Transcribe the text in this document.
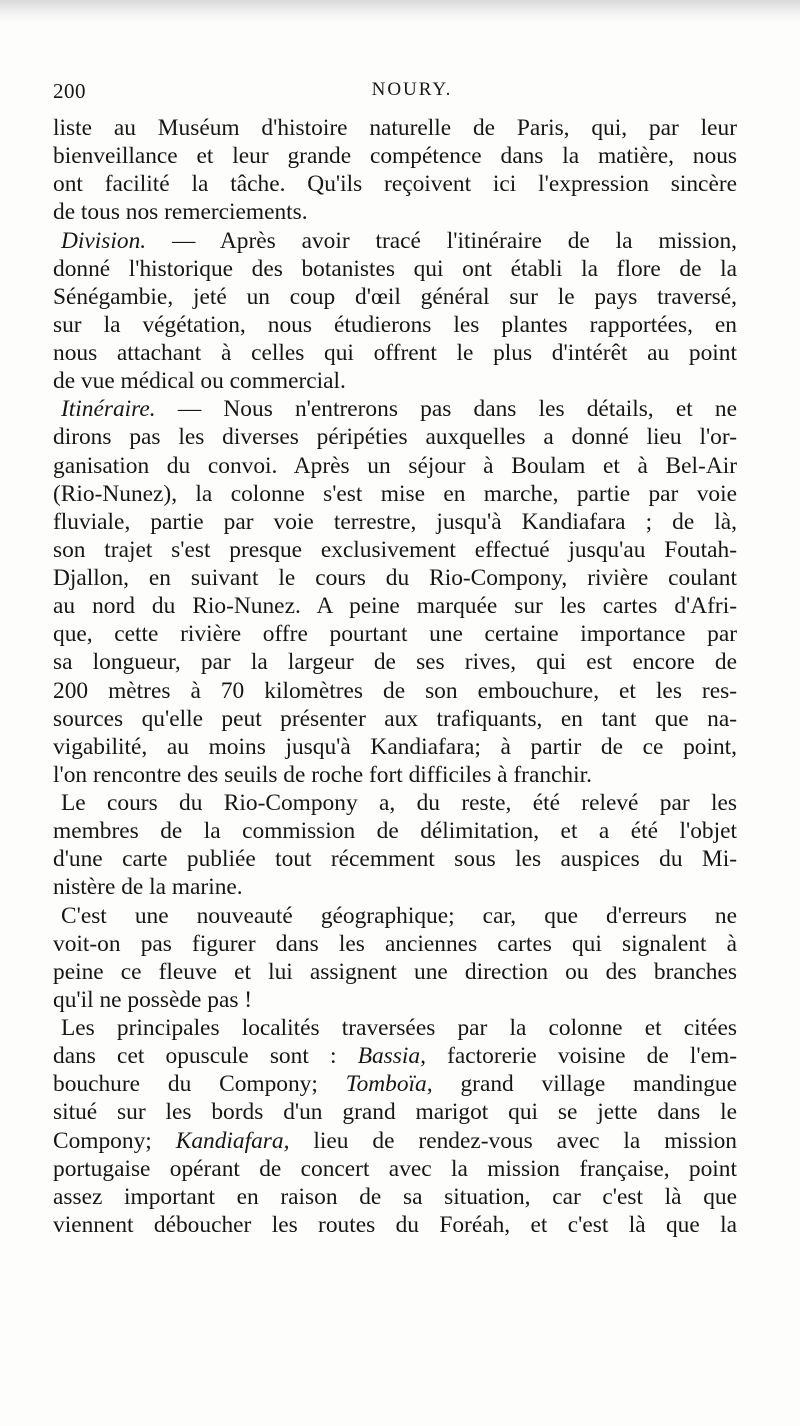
200	NOURY.
liste au Muséum d'histoire naturelle de Paris, qui, par leur
bienveillance et leur grande compétence dans la matière, nous
ont facilité la tâche. Qu'ils reçoivent ici l'expression sincère
de tous nos remerciements.
Division. — Après avoir tracé l'itinéraire de la mission,
donné l'historique des botanistes qui ont établi la flore de la
Sénégambie, jeté un coup d'œil général sur le pays traversé,
sur la végétation, nous étudierons les plantes rapportées, en
nous attachant à celles qui offrent le plus d'intérêt au point
de vue médical ou commercial.
Itinéraire. — Nous n'entrerons pas dans les détails, et ne
dirons pas les diverses péripéties auxquelles a donné lieu l'or-
ganisation du convoi. Après un séjour à Boulam et à Bel-Air
(Rio-Nunez), la colonne s'est mise en marche, partie par voie
fluviale, partie par voie terrestre, jusqu'à Kandiafara ; de là,
son trajet s'est presque exclusivement effectué jusqu'au Foutah-
Djallon, en suivant le cours du Rio-Compony, rivière coulant
au nord du Rio-Nunez. A peine marquée sur les cartes d'Afri-
que, cette rivière offre pourtant une certaine importance par
sa longueur, par la largeur de ses rives, qui est encore de
200 mètres à 70 kilomètres de son embouchure, et les res-
sources qu'elle peut présenter aux trafiquants, en tant que na-
vigabilité, au moins jusqu'à Kandiafara; à partir de ce point,
l'on rencontre des seuils de roche fort difficiles à franchir.
Le cours du Rio-Compony a, du reste, été relevé par les
membres de la commission de délimitation, et a été l'objet
d'une carte publiée tout récemment sous les auspices du Mi-
nistère de la marine.
C'est une nouveauté géographique; car, que d'erreurs ne
voit-on pas figurer dans les anciennes cartes qui signalent à
peine ce fleuve et lui assignent une direction ou des branches
qu'il ne possède pas !
Les principales localités traversées par la colonne et citées
dans cet opuscule sont : Bassia, factorerie voisine de l'em-
bouchure du Compony; Tomboïa, grand village mandingue
situé sur les bords d'un grand marigot qui se jette dans le
Compony; Kandiafara, lieu de rendez-vous avec la mission
portugaise opérant de concert avec la mission française, point
assez important en raison de sa situation, car c'est là que
viennent déboucher les routes du Foréah, et c'est là que la
